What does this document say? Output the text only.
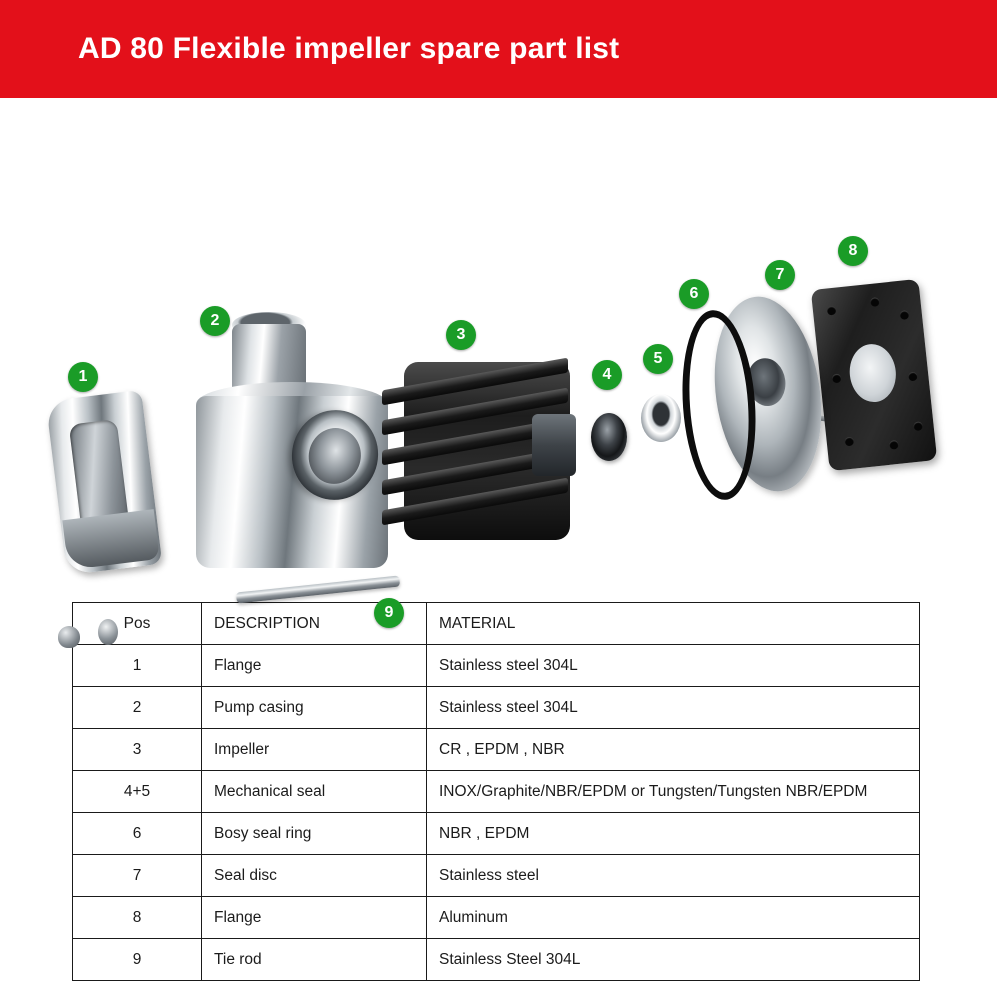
AD 80 Flexible impeller spare part list
1
2
3
4
5
6
7
8
9
Pos	DESCRIPTION	MATERIAL
1	Flange	Stainless steel 304L
2	Pump casing	Stainless steel 304L
3	Impeller	CR , EPDM , NBR
4+5	Mechanical seal	INOX/Graphite/NBR/EPDM or Tungsten/Tungsten NBR/EPDM
6	Bosy seal ring	NBR , EPDM
7	Seal disc	Stainless steel
8	Flange	Aluminum
9	Tie rod	Stainless Steel 304L
